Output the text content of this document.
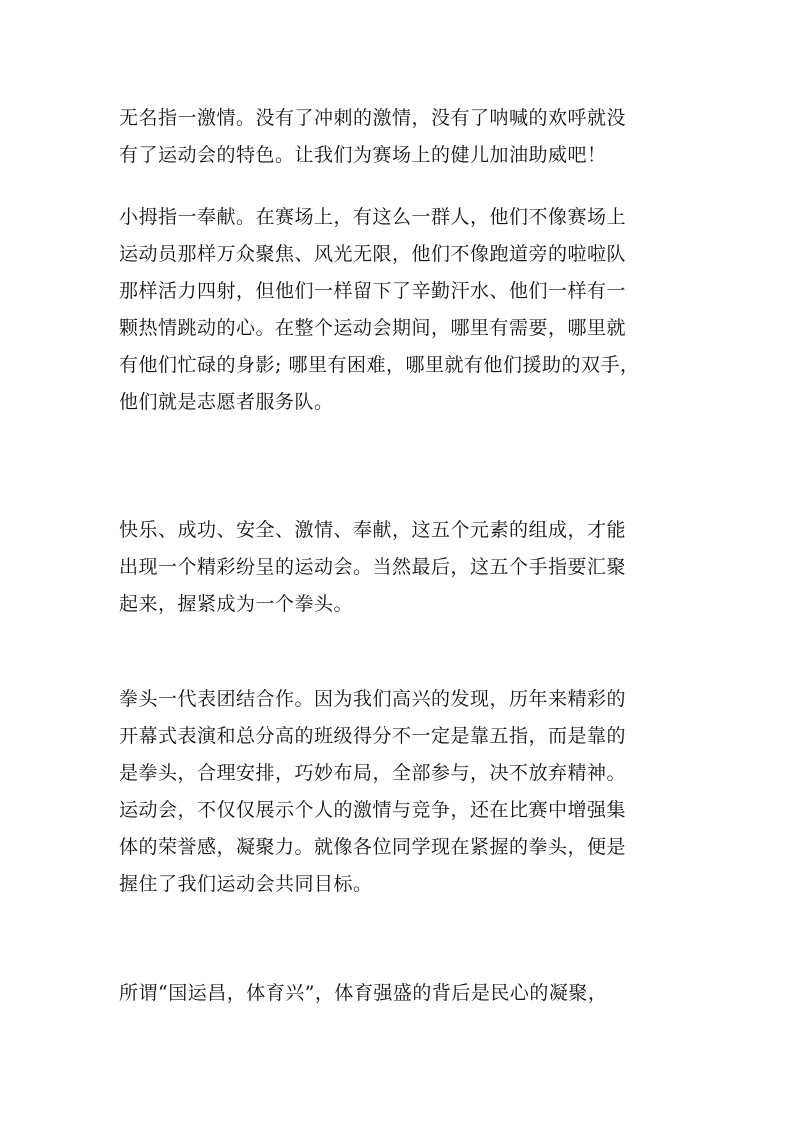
无名指一激情。没有了冲刺的激情，没有了呐喊的欢呼就没
有了运动会的特色。让我们为赛场上的健儿加油助威吧！
小拇指一奉献。在赛场上，有这么一群人，他们不像赛场上
运动员那样万众聚焦、风光无限，他们不像跑道旁的啦啦队
那样活力四射，但他们一样留下了辛勤汗水、他们一样有一
颗热情跳动的心。在整个运动会期间，哪里有需要，哪里就
有他们忙碌的身影; 哪里有困难，哪里就有他们援助的双手，
他们就是志愿者服务队。
快乐、成功、安全、激情、奉献，这五个元素的组成，才能
出现一个精彩纷呈的运动会。当然最后，这五个手指要汇聚
起来，握紧成为一个拳头。
拳头一代表团结合作。因为我们高兴的发现，历年来精彩的
开幕式表演和总分高的班级得分不一定是靠五指，而是靠的
是拳头，合理安排，巧妙布局，全部参与，决不放弃精神。
运动会，不仅仅展示个人的激情与竞争，还在比赛中增强集
体的荣誉感，凝聚力。就像各位同学现在紧握的拳头，便是
握住了我们运动会共同目标。
所谓“国运昌，体育兴”，体育强盛的背后是民心的凝聚，
